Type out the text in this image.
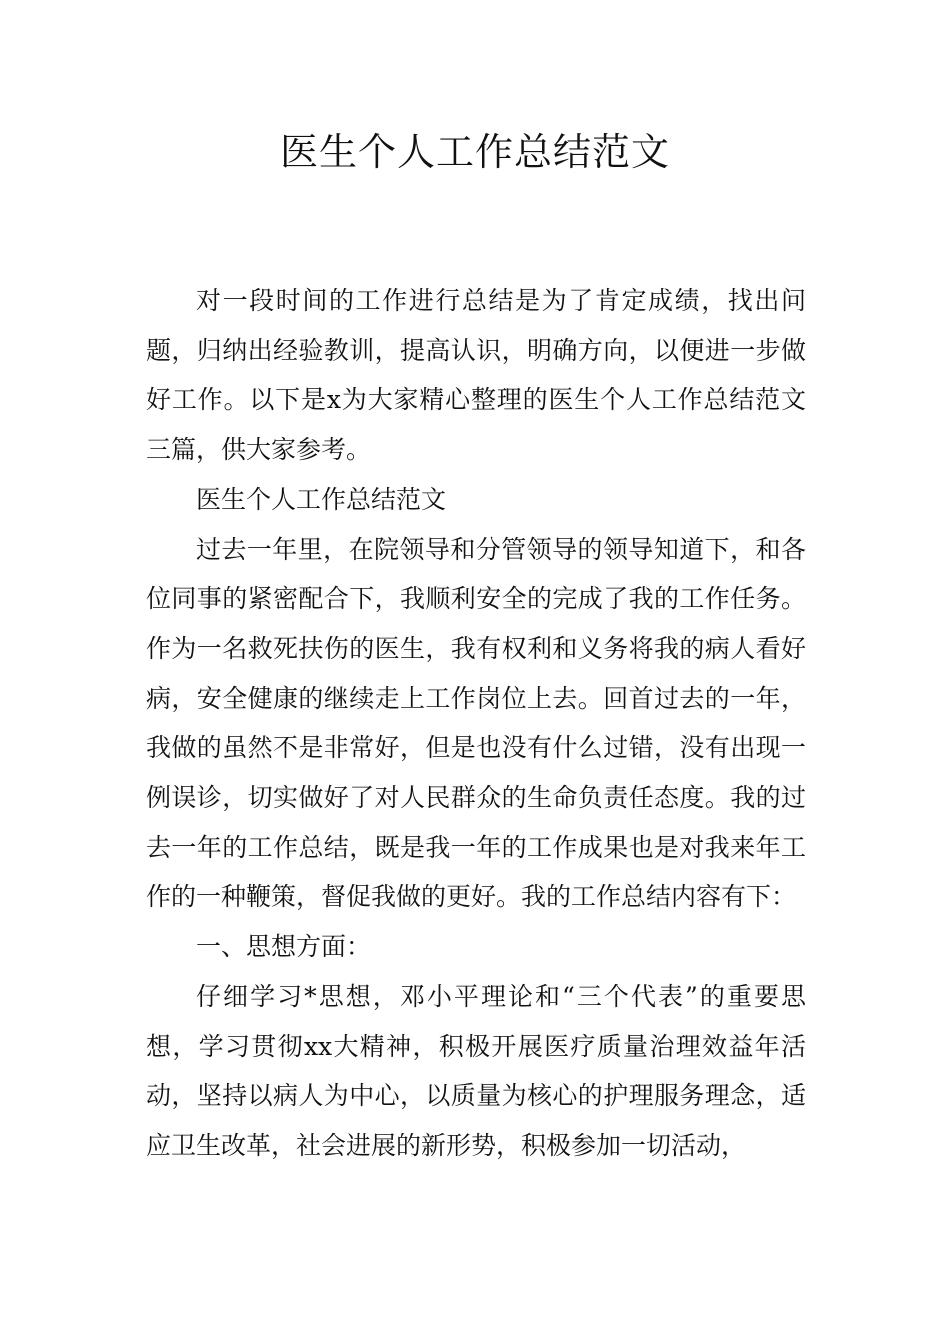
医生个人工作总结范文

对一段时间的工作进行总结是为了肯定成绩，找出问题，归纳出经验教训，提高认识，明确方向，以便进一步做好工作。以下是x为大家精心整理的医生个人工作总结范文三篇，供大家参考。

医生个人工作总结范文

过去一年里，在院领导和分管领导的领导知道下，和各位同事的紧密配合下，我顺利安全的完成了我的工作任务。作为一名救死扶伤的医生，我有权利和义务将我的病人看好病，安全健康的继续走上工作岗位上去。回首过去的一年，我做的虽然不是非常好，但是也没有什么过错，没有出现一例误诊，切实做好了对人民群众的生命负责任态度。我的过去一年的工作总结，既是我一年的工作成果也是对我来年工作的一种鞭策，督促我做的更好。我的工作总结内容有下：

一、思想方面：

仔细学习*思想，邓小平理论和“三个代表”的重要思想，学习贯彻xx大精神，积极开展医疗质量治理效益年活动，坚持以病人为中心，以质量为核心的护理服务理念，适应卫生改革，社会进展的新形势，积极参加一切活动，
